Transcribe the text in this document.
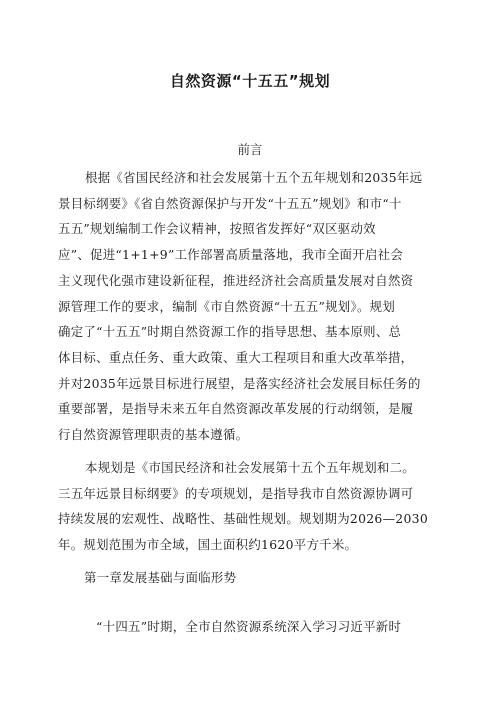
自然资源“十五五”规划
前言
根据《省国民经济和社会发展第十五个五年规划和2035年远
景目标纲要》《省自然资源保护与开发“十五五”规划》和市“十
五五”规划编制工作会议精神，按照省发挥好“双区驱动效
应”、促进“1+1+9”工作部署高质量落地，我市全面开启社会
主义现代化强市建设新征程，推进经济社会高质量发展对自然资
源管理工作的要求，编制《市自然资源“十五五”规划》。规划
确定了“十五五”时期自然资源工作的指导思想、基本原则、总
体目标、重点任务、重大政策、重大工程项目和重大改革举措，
并对2035年远景目标进行展望，是落实经济社会发展目标任务的
重要部署，是指导未来五年自然资源改革发展的行动纲领，是履
行自然资源管理职责的基本遵循。
本规划是《市国民经济和社会发展第十五个五年规划和二。
三五年远景目标纲要》的专项规划，是指导我市自然资源协调可
持续发展的宏观性、战略性、基础性规划。规划期为2026—2030
年。规划范围为市全域，国土面积约1620平方千米。
第一章发展基础与面临形势
“十四五”时期，全市自然资源系统深入学习习近平新时
